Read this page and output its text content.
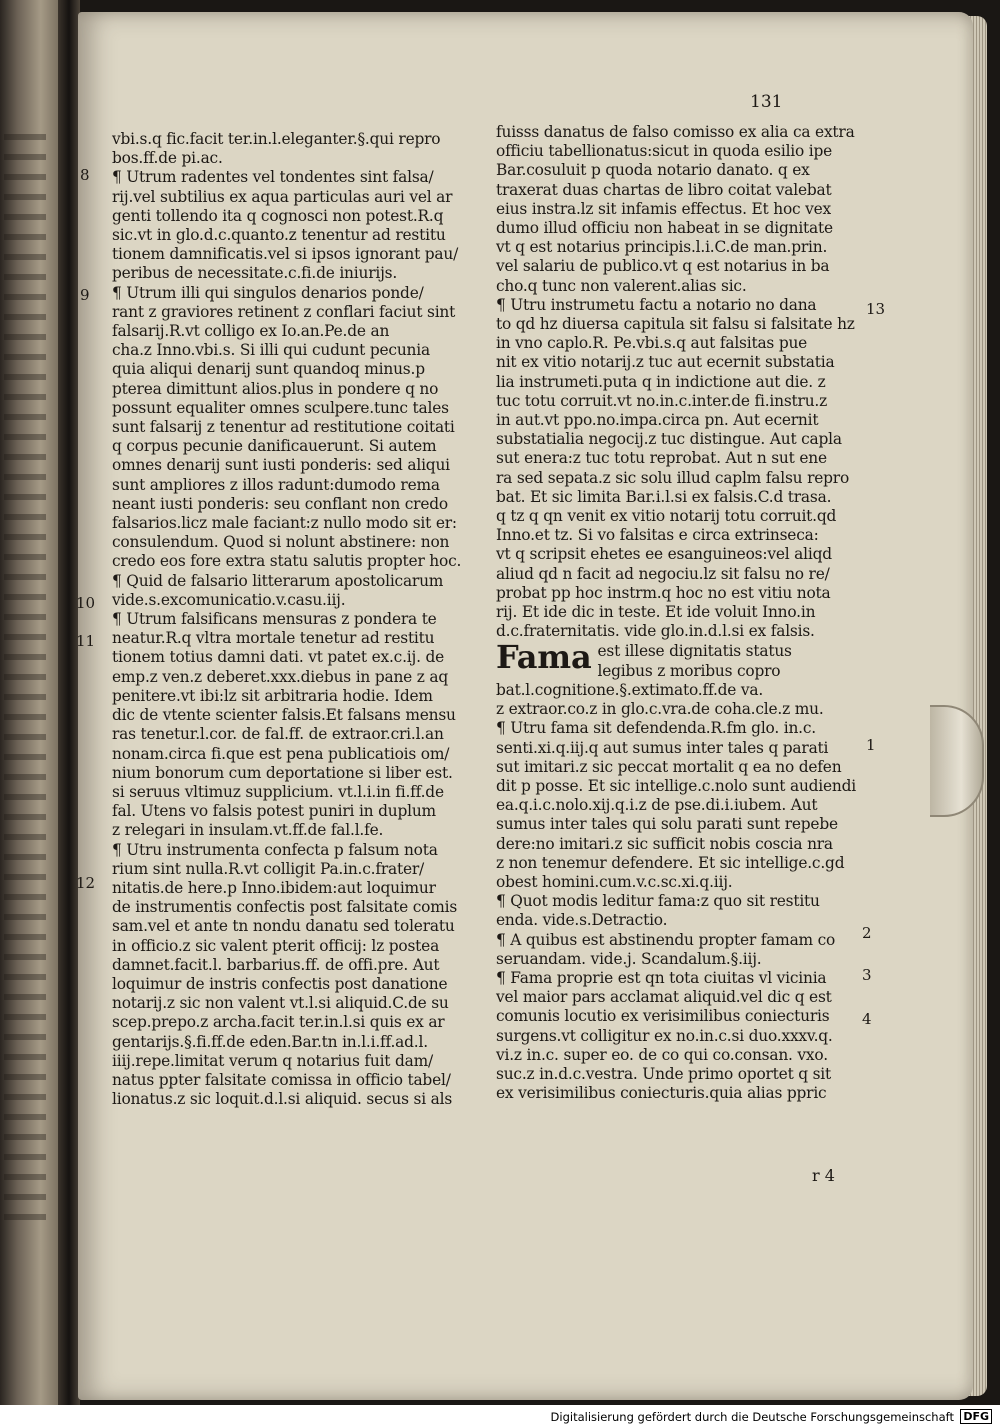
131

vbi.s.q fic.facit ter.in.l.eleganter.§.qui repro

bos.ff.de pi.ac.

¶ Utrum radentes vel tondentes sint falsa/

rij.vel subtilius ex aqua particulas auri vel ar

genti tollendo ita q cognosci non potest.R.q

sic.vt in glo.d.c.quanto.z tenentur ad restitu

tionem damnificatis.vel si ipsos ignorant pau/

peribus de necessitate.c.fi.de iniurijs.

¶ Utrum illi qui singulos denarios ponde/

rant z graviores retinent z conflari faciut sint

falsarij.R.vt colligo ex Io.an.Pe.de an

cha.z Inno.vbi.s. Si illi qui cudunt pecunia

quia aliqui denarij sunt quandoq minus.p

pterea dimittunt alios.plus in pondere q no

possunt equaliter omnes sculpere.tunc tales

sunt falsarij z tenentur ad restitutione coitati

q corpus pecunie danificauerunt. Si autem

omnes denarij sunt iusti ponderis: sed aliqui

sunt ampliores z illos radunt:dumodo rema

neant iusti ponderis: seu conflant non credo

falsarios.licz male faciant:z nullo modo sit er:

consulendum. Quod si nolunt abstinere: non

credo eos fore extra statu salutis propter hoc.

¶ Quid de falsario litterarum apostolicarum

vide.s.excomunicatio.v.casu.iij.

¶ Utrum falsificans mensuras z pondera te

neatur.R.q vltra mortale tenetur ad restitu

tionem totius damni dati. vt patet ex.c.ij. de

emp.z ven.z deberet.xxx.diebus in pane z aq

penitere.vt ibi:lz sit arbitraria hodie. Idem

dic de vtente scienter falsis.Et falsans mensu

ras tenetur.l.cor. de fal.ff. de extraor.cri.l.an

nonam.circa fi.que est pena publicatiois om/

nium bonorum cum deportatione si liber est.

si seruus vltimuz supplicium. vt.l.i.in fi.ff.de

fal. Utens vo falsis potest puniri in duplum

z relegari in insulam.vt.ff.de fal.l.fe.

¶ Utru instrumenta confecta p falsum nota

rium sint nulla.R.vt colligit Pa.in.c.frater/

nitatis.de here.p Inno.ibidem:aut loquimur

de instrumentis confectis post falsitate comis

sam.vel et ante tn nondu danatu sed toleratu

in officio.z sic valent pterit officij: lz postea

damnet.facit.l. barbarius.ff. de offi.pre. Aut

loquimur de instris confectis post danatione

notarij.z sic non valent vt.l.si aliquid.C.de su

scep.prepo.z archa.facit ter.in.l.si quis ex ar

gentarijs.§.fi.ff.de eden.Bar.tn in.l.i.ff.ad.l.

iiij.repe.limitat verum q notarius fuit dam/

natus ppter falsitate comissa in officio tabel/

lionatus.z sic loquit.d.l.si aliquid. secus si als

fuisss danatus de falso comisso ex alia ca extra

officiu tabellionatus:sicut in quoda esilio ipe

Bar.cosuluit p quoda notario danato. q ex

traxerat duas chartas de libro coitat valebat

eius instra.lz sit infamis effectus. Et hoc vex

dumo illud officiu non habeat in se dignitate

vt q est notarius principis.l.i.C.de man.prin.

vel salariu de publico.vt q est notarius in ba

cho.q tunc non valerent.alias sic.

¶ Utru instrumetu factu a notario no dana

to qd hz diuersa capitula sit falsu si falsitate hz

in vno caplo.R. Pe.vbi.s.q aut falsitas pue

nit ex vitio notarij.z tuc aut ecernit substatia

lia instrumeti.puta q in indictione aut die. z

tuc totu corruit.vt no.in.c.inter.de fi.instru.z

in aut.vt ppo.no.impa.circa pn. Aut ecernit

substatialia negocij.z tuc distingue. Aut capla

sut enera:z tuc totu reprobat. Aut n sut ene

ra sed sepata.z sic solu illud caplm falsu repro

bat. Et sic limita Bar.i.l.si ex falsis.C.d trasa.

q tz q qn venit ex vitio notarij totu corruit.qd

Inno.et tz. Si vo falsitas e circa extrinseca:

vt q scripsit ehetes ee esanguineos:vel aliqd

aliud qd n facit ad negociu.lz sit falsu no re/

probat pp hoc instrm.q hoc no est vitiu nota

rij. Et ide dic in teste. Et ide voluit Inno.in

d.c.fraternitatis. vide glo.in.d.l.si ex falsis.

Fama est illese dignitatis status

legibus z moribus copro

bat.l.cognitione.§.extimato.ff.de va.

z extraor.co.z in glo.c.vra.de coha.cle.z mu.

¶ Utru fama sit defendenda.R.fm glo. in.c.

senti.xi.q.iij.q aut sumus inter tales q parati

sut imitari.z sic peccat mortalit q ea no defen

dit p posse. Et sic intellige.c.nolo sunt audiendi

ea.q.i.c.nolo.xij.q.i.z de pse.di.i.iubem. Aut

sumus inter tales qui solu parati sunt repebe

dere:no imitari.z sic sufficit nobis coscia nra

z non tenemur defendere. Et sic intellige.c.gd

obest homini.cum.v.c.sc.xi.q.iij.

¶ Quot modis leditur fama:z quo sit restitu

enda. vide.s.Detractio.

¶ A quibus est abstinendu propter famam co

seruandam. vide.j. Scandalum.§.iij.

¶ Fama proprie est qn tota ciuitas vl vicinia

vel maior pars acclamat aliquid.vel dic q est

comunis locutio ex verisimilibus coniecturis

surgens.vt colligitur ex no.in.c.si duo.xxxv.q.

vi.z in.c. super eo. de co qui co.consan. vxo.

suc.z in.d.c.vestra. Unde primo oportet q sit

ex verisimilibus coniecturis.quia alias ppric

8
9
10
11
12
13
1
2
3
4
r 4
Digitalisierung gefördert durch die Deutsche Forschungsgemeinschaft DFG
